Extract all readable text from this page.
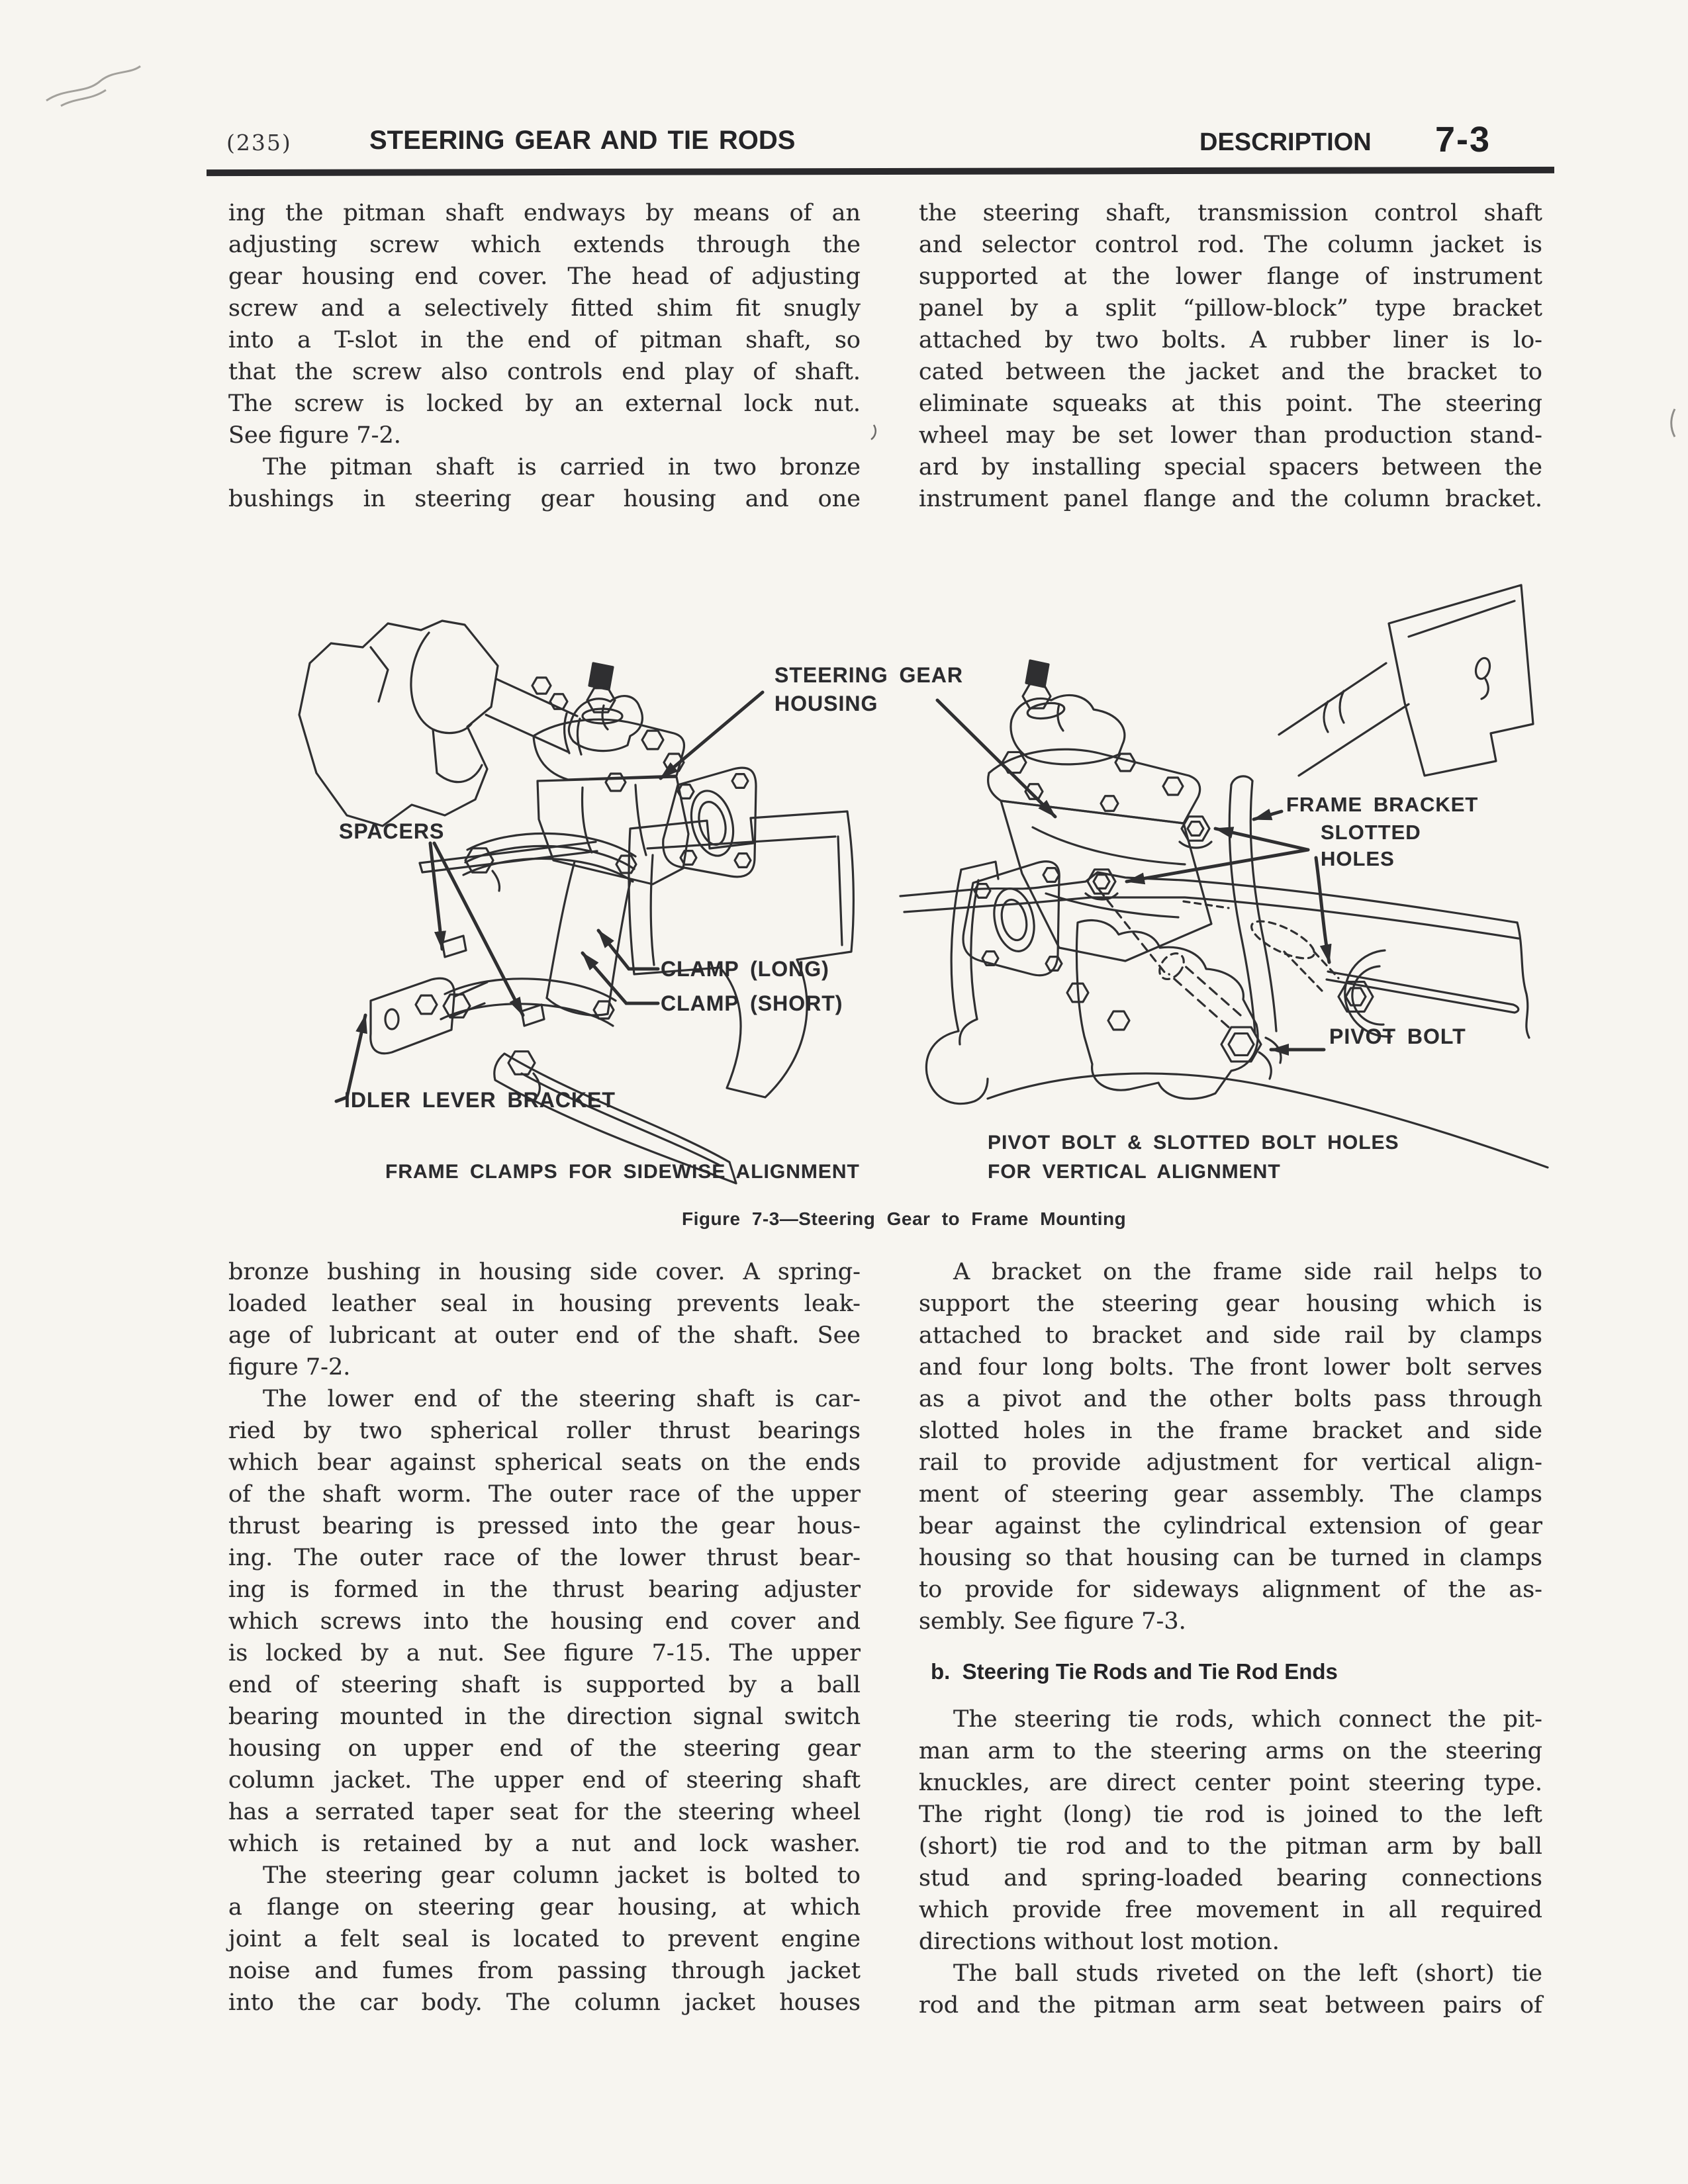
(235)	STEERING GEAR AND TIE RODS	DESCRIPTION 7-3
ing the pitman shaft endways by means of an
adjusting screw which extends through the
gear housing end cover. The head of adjusting
screw and a selectively fitted shim fit snugly
into a T-slot in the end of pitman shaft, so
that the screw also controls end play of shaft.
The screw is locked by an external lock nut.
See figure 7-2.
The pitman shaft is carried in two bronze
bushings in steering gear housing and one
the steering shaft, transmission control shaft
and selector control rod. The column jacket is
supported at the lower flange of instrument
panel by a split “pillow-block” type bracket
attached by two bolts. A rubber liner is lo-
cated between the jacket and the bracket to
eliminate squeaks at this point. The steering
wheel may be set lower than production stand-
ard by installing special spacers between the
instrument panel flange and the column bracket.
STEERING GEAR
HOUSING
SPACERS
CLAMP (LONG)
CLAMP (SHORT)
IDLER LEVER BRACKET
FRAME CLAMPS FOR SIDEWISE ALIGNMENT
FRAME BRACKET
SLOTTED
HOLES
PIVOT BOLT
PIVOT BOLT & SLOTTED BOLT HOLES
FOR VERTICAL ALIGNMENT
Figure 7-3—Steering Gear to Frame Mounting
bronze bushing in housing side cover. A spring-
loaded leather seal in housing prevents leak-
age of lubricant at outer end of the shaft. See
figure 7-2.
The lower end of the steering shaft is car-
ried by two spherical roller thrust bearings
which bear against spherical seats on the ends
of the shaft worm. The outer race of the upper
thrust bearing is pressed into the gear hous-
ing. The outer race of the lower thrust bear-
ing is formed in the thrust bearing adjuster
which screws into the housing end cover and
is locked by a nut. See figure 7-15. The upper
end of steering shaft is supported by a ball
bearing mounted in the direction signal switch
housing on upper end of the steering gear
column jacket. The upper end of steering shaft
has a serrated taper seat for the steering wheel
which is retained by a nut and lock washer.
The steering gear column jacket is bolted to
a flange on steering gear housing, at which
joint a felt seal is located to prevent engine
noise and fumes from passing through jacket
into the car body. The column jacket houses
A bracket on the frame side rail helps to
support the steering gear housing which is
attached to bracket and side rail by clamps
and four long bolts. The front lower bolt serves
as a pivot and the other bolts pass through
slotted holes in the frame bracket and side
rail to provide adjustment for vertical align-
ment of steering gear assembly. The clamps
bear against the cylindrical extension of gear
housing so that housing can be turned in clamps
to provide for sideways alignment of the as-
sembly. See figure 7-3.
b.  Steering Tie Rods and Tie Rod Ends
The steering tie rods, which connect the pit-
man arm to the steering arms on the steering
knuckles, are direct center point steering type.
The right (long) tie rod is joined to the left
(short) tie rod and to the pitman arm by ball
stud and spring-loaded bearing connections
which provide free movement in all required
directions without lost motion.
The ball studs riveted on the left (short) tie
rod and the pitman arm seat between pairs of
